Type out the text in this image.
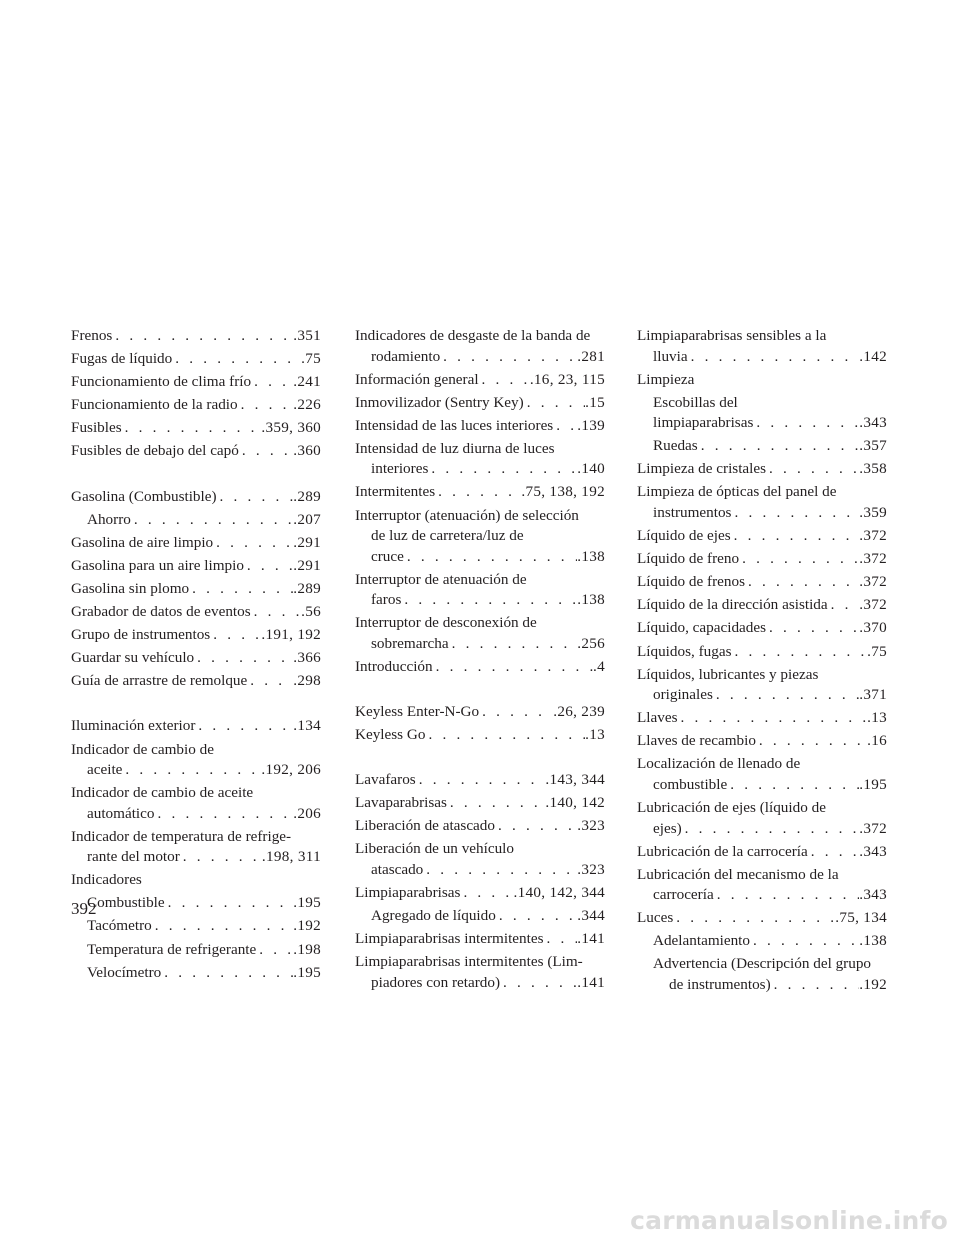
Frenos . . .	.351
Fugas de líquido . . .	.75
Funcionamiento de clima frío . . .	.241
Funcionamiento de la radio . . .	.226
Fusibles . . .	.359, 360
Fusibles de debajo del capó . . .	.360
Gasolina (Combustible) . . .	.289
Ahorro . . .	.207
Gasolina de aire limpio . . .	.291
Gasolina para un aire limpio . . .	.291
Gasolina sin plomo . . .	.289
Grabador de datos de eventos . . .	.56
Grupo de instrumentos . . .	.191, 192
Guardar su vehículo . . .	.366
Guía de arrastre de remolque . . .	.298
Iluminación exterior . . .	.134
Indicador de cambio de
aceite . . .	.192, 206
Indicador de cambio de aceite
automático . . .	.206
Indicador de temperatura de refrige-
rante del motor . . .	.198, 311
Indicadores
Combustible . . .	.195
Tacómetro . . .	.192
Temperatura de refrigerante . . . .198
Velocímetro . . .	.195
Indicadores de desgaste de la banda de
rodamiento . . .	.281
Información general . . .	.16, 23, 115
Inmovilizador (Sentry Key) . . .	.15
Intensidad de las luces interiores . . . .139
Intensidad de luz diurna de luces
interiores . . .	.140
Intermitentes . . .	.75, 138, 192
Interruptor (atenuación) de selección
de luz de carretera/luz de
cruce . . .	.138
Interruptor de atenuación de
faros . . .	.138
Interruptor de desconexión de
sobremarcha . . .	.256
Introducción . . .	.4
Keyless Enter-N-Go . . .	.26, 239
Keyless Go . . .	.13
Lavafaros . . .	.143, 344
Lavaparabrisas . . .	.140, 142
Liberación de atascado . . .	.323
Liberación de un vehículo
atascado . . .	.323
Limpiaparabrisas . . .	.140, 142, 344
Agregado de líquido . . .	.344
Limpiaparabrisas intermitentes . . . .141
Limpiaparabrisas intermitentes (Lim-
piadores con retardo) . . .	.141
Limpiaparabrisas sensibles a la
lluvia . . .	.142
Limpieza
Escobillas del
limpiaparabrisas . . .	.343
Ruedas . . .	.357
Limpieza de cristales . . .	.358
Limpieza de ópticas del panel de
instrumentos . . .	.359
Líquido de ejes . . .	.372
Líquido de freno . . .	.372
Líquido de frenos . . .	.372
Líquido de la dirección asistida . . . .372
Líquido, capacidades . . .	.370
Líquidos, fugas . . .	.75
Líquidos, lubricantes y piezas
originales . . .	.371
Llaves . . .	.13
Llaves de recambio . . .	.16
Localización de llenado de
combustible . . .	.195
Lubricación de ejes (líquido de
ejes) . . .	.372
Lubricación de la carrocería . . .	.343
Lubricación del mecanismo de la
carrocería . . .	.343
Luces . . .	.75, 134
Adelantamiento . . .	.138
Advertencia (Descripción del grupo
de instrumentos) . . .	.192
392
carmanualsonline.info
